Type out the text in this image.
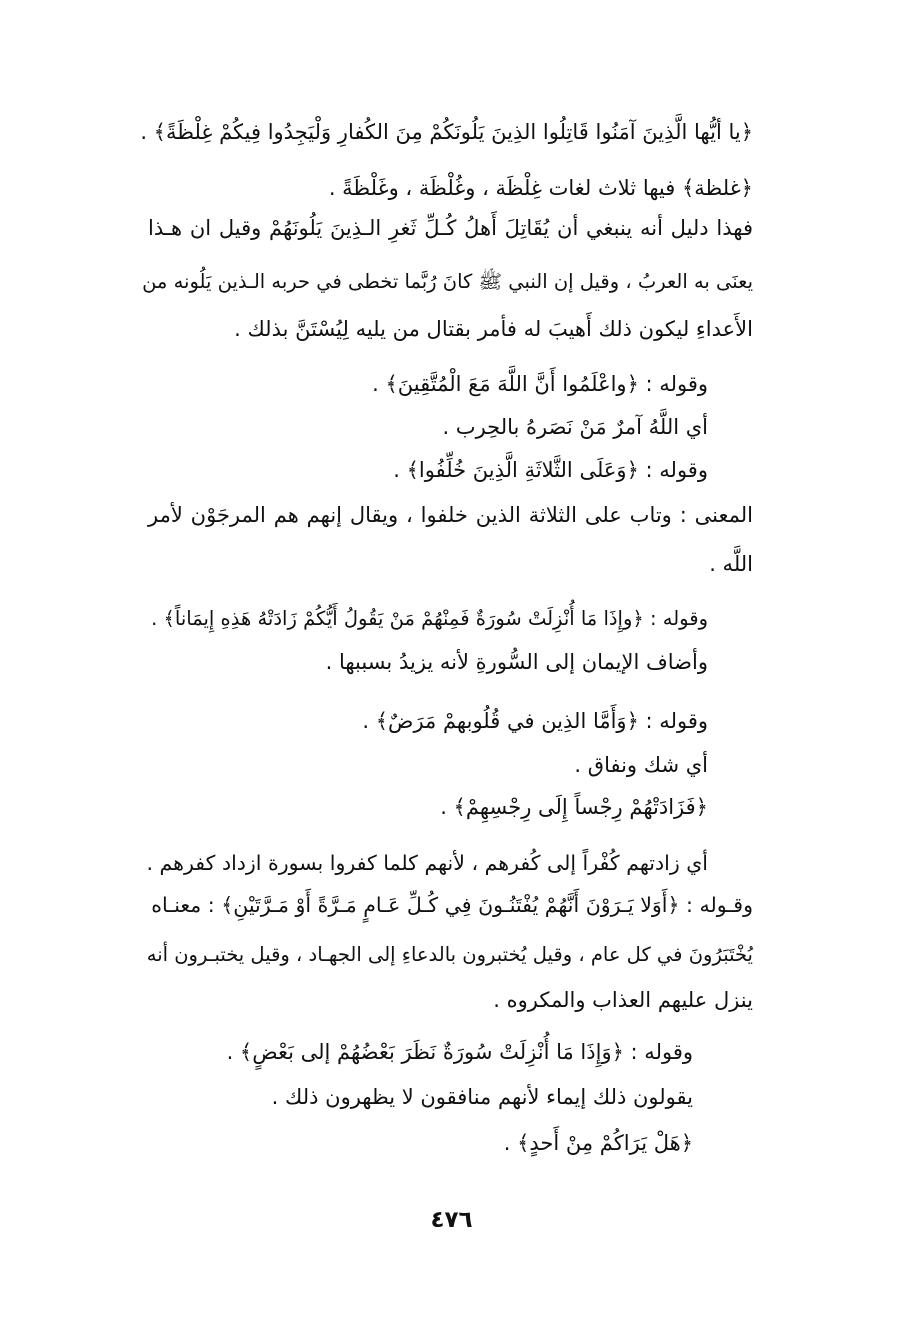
﴿يا أيُّها الَّذِينَ آمَنُوا قَاتِلُوا الذِينَ يَلُونَكُمْ مِنَ الكُفارِ وَلْيَجِدُوا فِيكُمْ غِلْظَةً﴾ .

﴿غلظة﴾ فيها ثلاث لغات غِلْظَة ، وغُلْظَة ، وغَلْظَةً .

فهذا دليل أنه ينبغي أن يُقَاتِلَ أَهلُ كُـلِّ ثَغرِ الـذِينَ يَلُونَهُمْ وقيل ان هـذا

يعنَى به العربُ ، وقيل إن النبي ﷺ كانَ رُبَّما تخطى في حربه الـذين يَلُونه من

الأَعداءِ ليكون ذلك أَهيبَ له فأمر بقتال من يليه لِيُسْتَنَّ بذلك .

وقوله : ﴿واعْلَمُوا أَنَّ اللَّهَ مَعَ الْمُتَّقِينَ﴾ .

أي اللَّهُ آمرٌ مَنْ نَصَرهُ بالحِرب .

وقوله : ﴿وَعَلَى الثَّلاثَةِ الَّذِينَ خُلِّفُوا﴾ .

المعنى : وتاب على الثلاثة الذين خلفوا ، ويقال إنهم هم المرجَوْن لأمر

اللَّه .

وقوله : ﴿وإِذَا مَا أُنْزِلَتْ سُورَةٌ فَمِنْهُمْ مَنْ يَقُولُ أَيُّكُمْ زَادَتْهُ هَذِهِ إِيمَاناً﴾ .

وأضاف الإيمان إلى السُّورةِ لأنه يزيدُ بسببها .

وقوله : ﴿وَأَمَّا الذِين في قُلُوبهمْ مَرَضٌ﴾ .

أي شك ونفاق .

﴿فَزَادَتْهُمْ رِجْساً إِلَى رِجْسِهِمْ﴾ .

أي زادتهم كُفْراً إلى كُفرهم ، لأنهم كلما كفروا بسورة ازداد كفرهم .

وقـوله : ﴿أَوَلا يَـرَوْنَ أَنَّهُمْ يُفْتَنُـونَ فِي كُـلِّ عَـامٍ مَـرَّةً أَوْ مَـرَّتَيْنِ﴾ : معنـاه

يُخْتَبَرُونَ في كل عام ، وقيل يُختبرون بالدعاءِ إلى الجهـاد ، وقيل يختبـرون أنه

ينزل عليهم العذاب والمكروه .

وقوله : ﴿وَإِذَا مَا أُنْزِلَتْ سُورَةٌ نَظَرَ بَعْضُهُمْ إلى بَعْضٍ﴾ .

يقولون ذلك إيماء لأنهم منافقون لا يظهرون ذلك .

﴿هَلْ يَرَاكُمْ مِنْ أَحدٍ﴾ .

٤٧٦
